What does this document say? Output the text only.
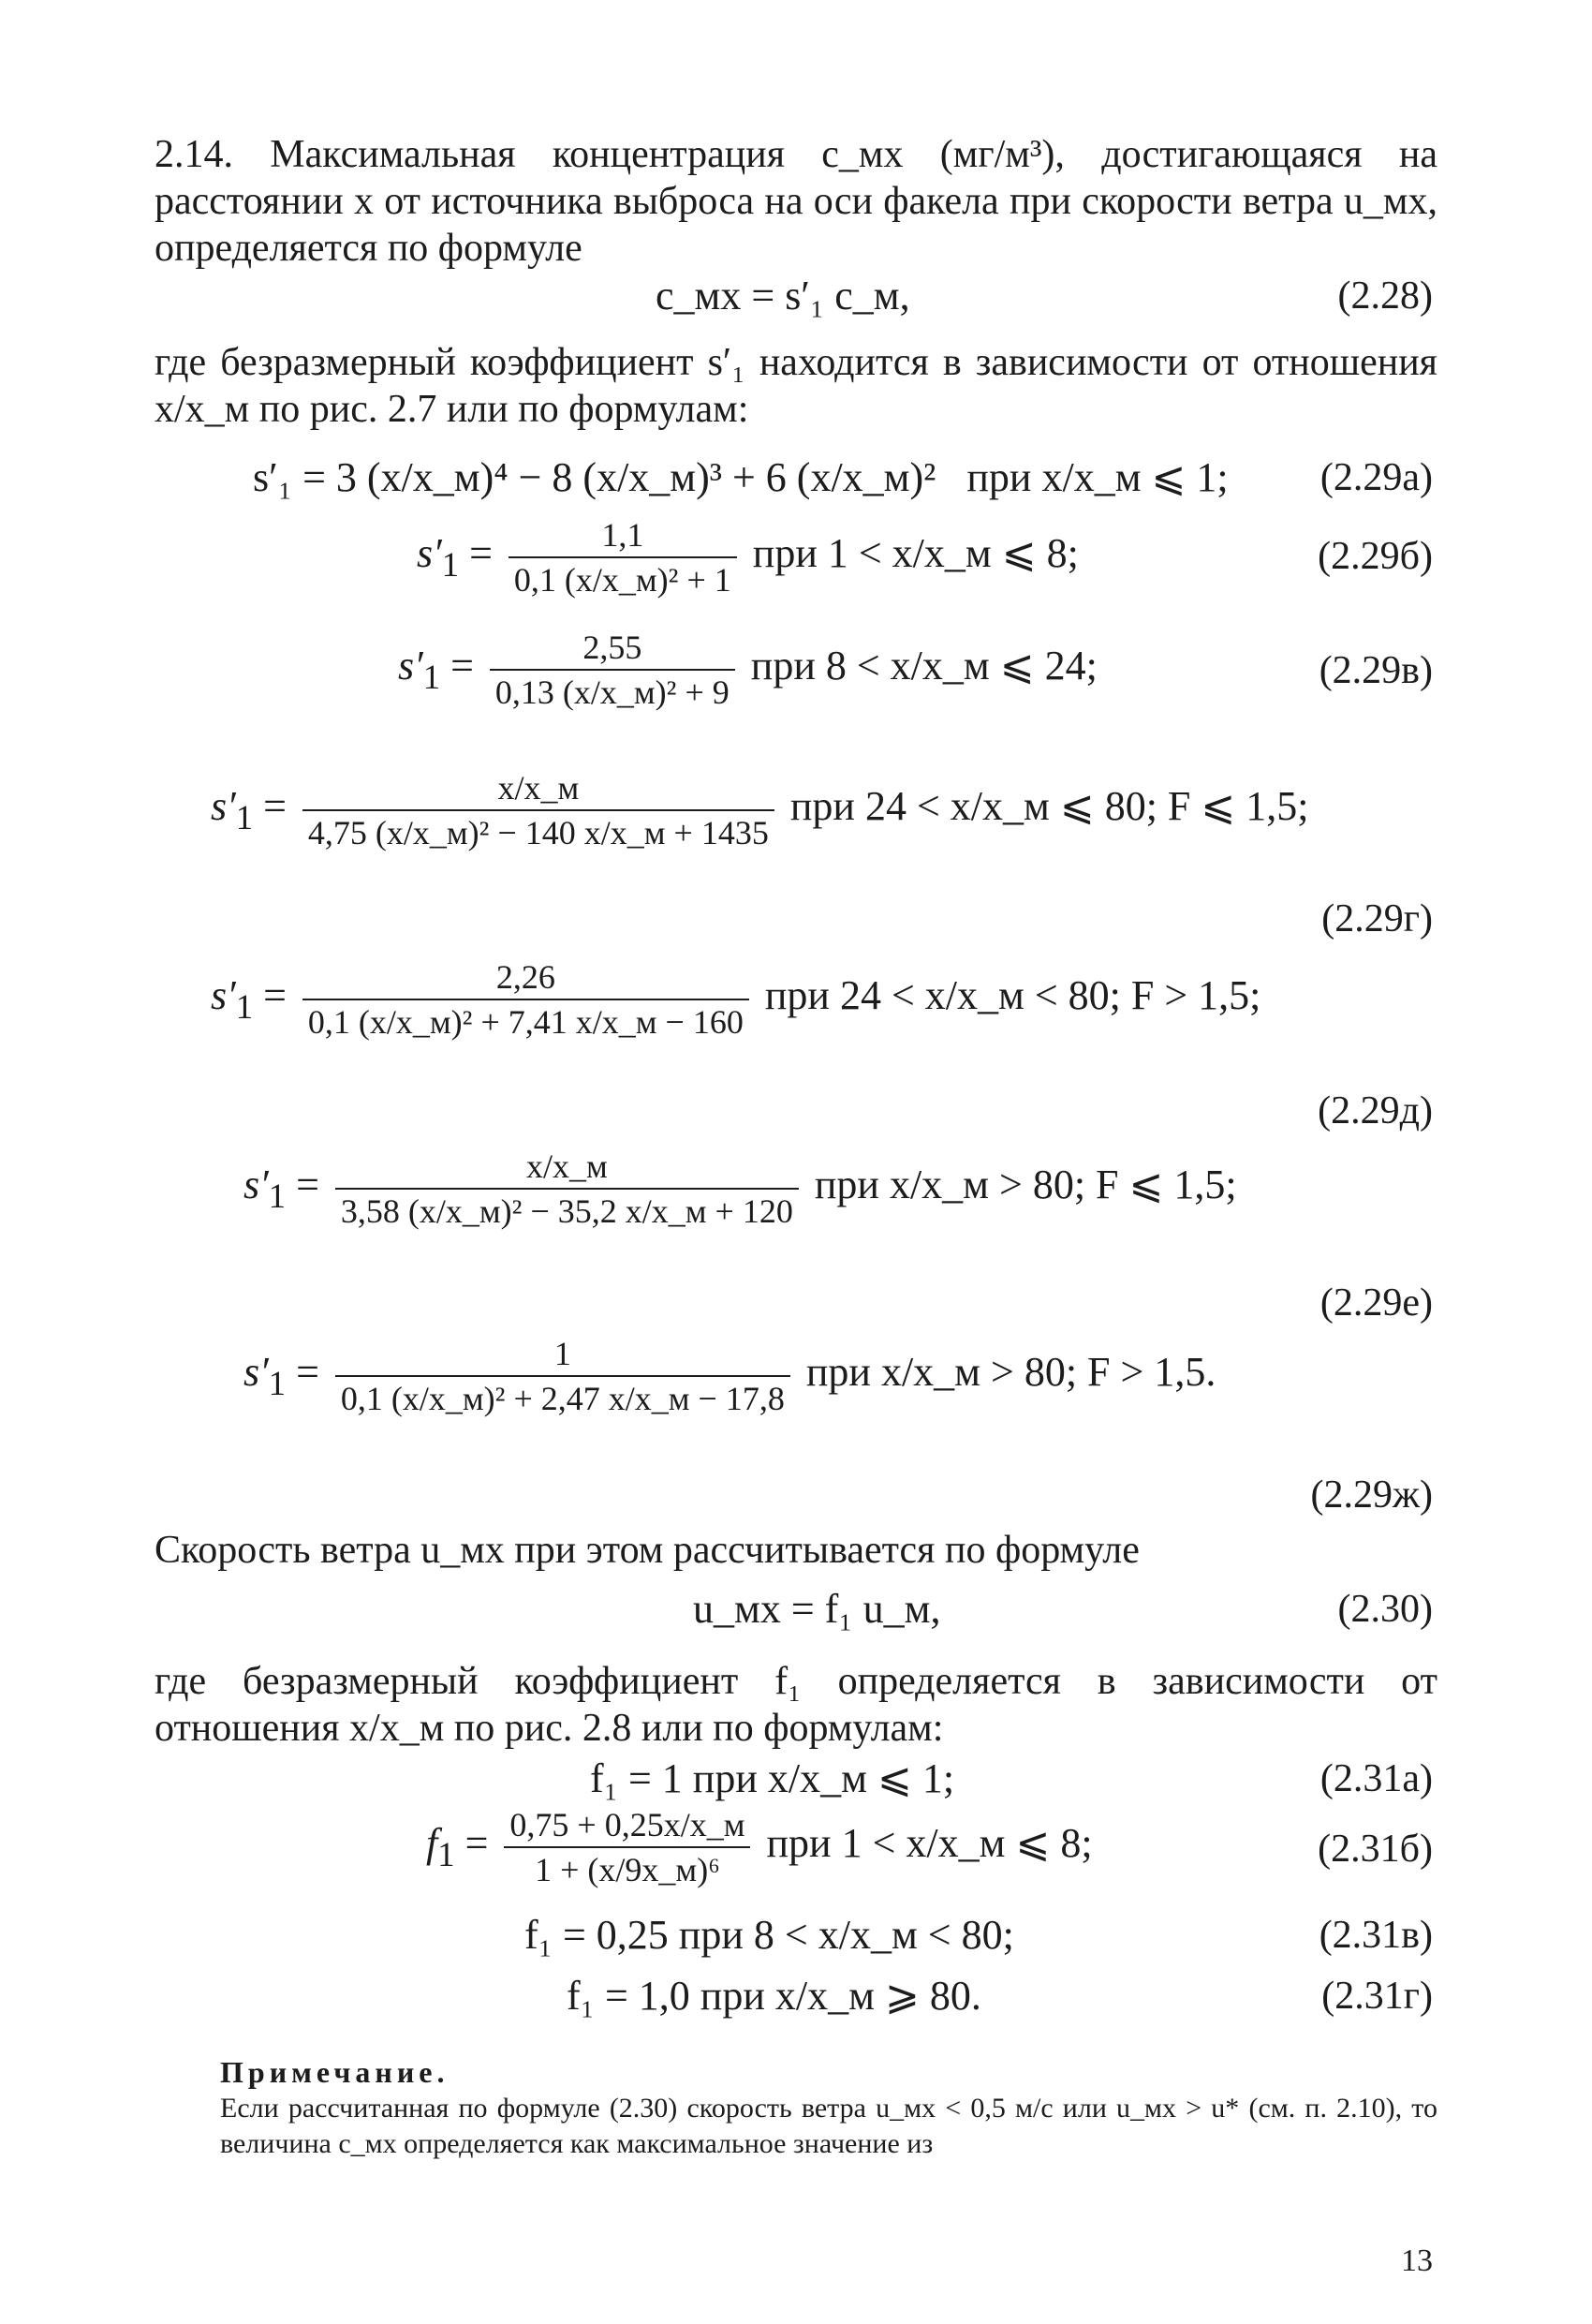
2.14. Максимальная концентрация c_мх (мг/м³), достигающаяся на расстоянии x от источника выброса на оси факела при скорости ветра u_мх, определяется по формуле
c_мх = s′₁ c_м,	(2.28)
где безразмерный коэффициент s′₁ находится в зависимости от отношения x/x_м по рис. 2.7 или по формулам:
s′₁ = 3 (x/x_м)⁴ − 8 (x/x_м)³ + 6 (x/x_м)² при x/x_м ⩽ 1; (2.29а)
$s'_1 = \frac{1,1}{\text{0,1 (x/x\_м)² + 1}}$ при 1 < x/x_м ⩽ 8;	(2.29б)
$s'_1 = \frac{2,55}{\text{0,13 (x/x\_м)² + 9}}$ при 8 < x/x_м ⩽ 24;	(2.29в)
$s'_1 = \frac{x/x\_м}{\text{4,75 (x/x\_м)² − 140 x/x\_м + 1435}}$ при 24 < x/x_м ⩽ 80; F ⩽ 1,5;
(2.29г)
$s'_1 = \frac{2,26}{\text{0,1 (x/x\_м)² + 7,41 x/x\_м − 160}}$ при 24 < x/x_м < 80; F > 1,5;
(2.29д)
$s'_1 = \frac{x/x\_м}{\text{3,58 (x/x\_м)² − 35,2 x/x\_м + 120}}$ при x/x_м > 80; F ⩽ 1,5;
(2.29е)
$s'_1 = \frac{1}{\text{0,1 (x/x\_м)² + 2,47 x/x\_м − 17,8}}$ при x/x_м > 80; F > 1,5.
(2.29ж)
Скорость ветра u_мх при этом рассчитывается по формуле
u_мх = f₁ u_м,	(2.30)
где безразмерный коэффициент f₁ определяется в зависимости от отношения x/x_м по рис. 2.8 или по формулам:
f₁ = 1 при x/x_м ⩽ 1;	(2.31а)
$f_1 = \frac{0,75 + 0,25x/x\_м}{\text{1 + (x/9x\_м)⁶}}$ при 1 < x/x_м ⩽ 8;	(2.31б)
f₁ = 0,25 при 8 < x/x_м < 80;	(2.31в)
f₁ = 1,0 при x/x_м ⩾ 80.	(2.31г)
Примечание.
Если рассчитанная по формуле (2.30) скорость ветра u_мх < 0,5 м/с или u_мх > u* (см. п. 2.10), то величина c_мх определяется как максимальное значение из
13
